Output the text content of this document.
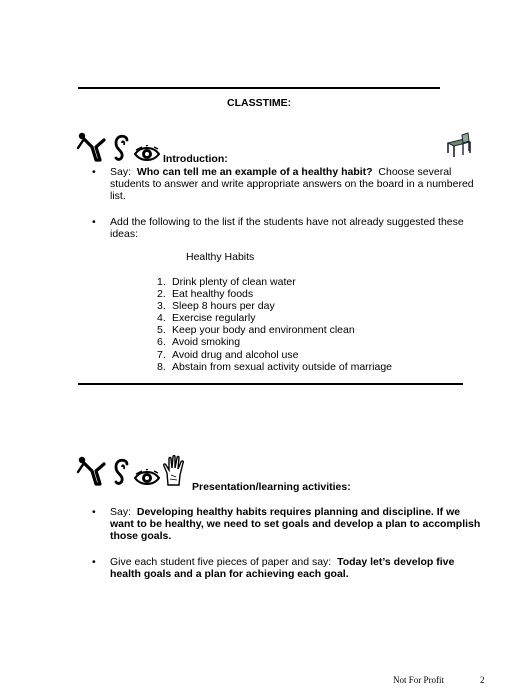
CLASSTIME:
Introduction:
• Say: Who can tell me an example of a healthy habit? Choose several
students to answer and write appropriate answers on the board in a numbered
list.
• Add the following to the list if the students have not already suggested these
ideas:
Healthy Habits
1. Drink plenty of clean water
2. Eat healthy foods
3. Sleep 8 hours per day
4. Exercise regularly
5. Keep your body and environment clean
6. Avoid smoking
7. Avoid drug and alcohol use
8. Abstain from sexual activity outside of marriage
Presentation/learning activities:
• Say: Developing healthy habits requires planning and discipline. If we
want to be healthy, we need to set goals and develop a plan to accomplish
those goals.
• Give each student five pieces of paper and say: Today let’s develop five
health goals and a plan for achieving each goal.
Not For Profit	2
